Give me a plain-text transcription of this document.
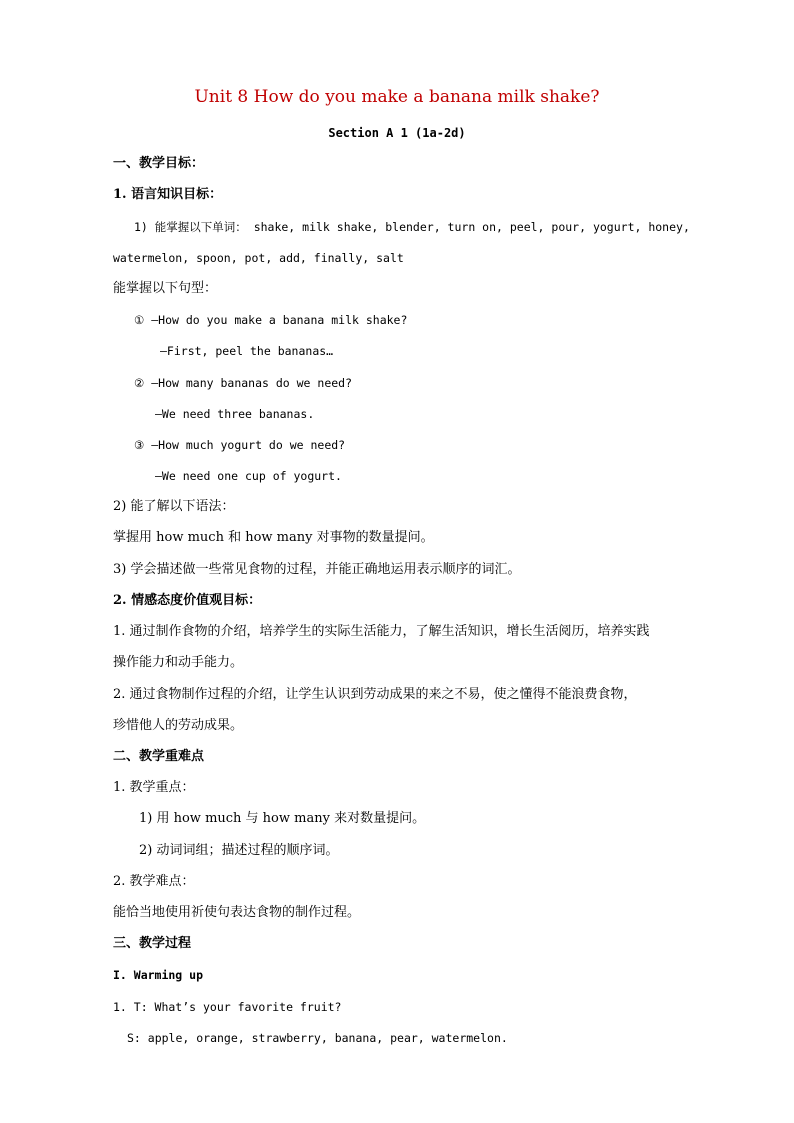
Unit 8 How do you make a banana milk shake?
Section A 1 (1a-2d)
一、教学目标：
1. 语言知识目标：
1) 能掌握以下单词： shake, milk shake, blender, turn on, peel, pour, yogurt, honey,
watermelon, spoon, pot, add, finally, salt
能掌握以下句型：
① —How do you make a banana milk shake?
—First, peel the bananas…
② —How many bananas do we need?
—We need three bananas.
③ —How much yogurt do we need?
—We need one cup of yogurt.
2) 能了解以下语法：
掌握用 how much 和 how many 对事物的数量提问。
3) 学会描述做一些常见食物的过程，并能正确地运用表示顺序的词汇。
2. 情感态度价值观目标：
1. 通过制作食物的介绍，培养学生的实际生活能力，了解生活知识，增长生活阅历，培养实践
操作能力和动手能力。
2. 通过食物制作过程的介绍，让学生认识到劳动成果的来之不易，使之懂得不能浪费食物，
珍惜他人的劳动成果。
二、教学重难点
1. 教学重点：
1) 用 how much 与 how many 来对数量提问。
2) 动词词组；描述过程的顺序词。
2. 教学难点：
能恰当地使用祈使句表达食物的制作过程。
三、教学过程
I. Warming up
1. T: What’s your favorite fruit?
S: apple, orange, strawberry, banana, pear, watermelon.
